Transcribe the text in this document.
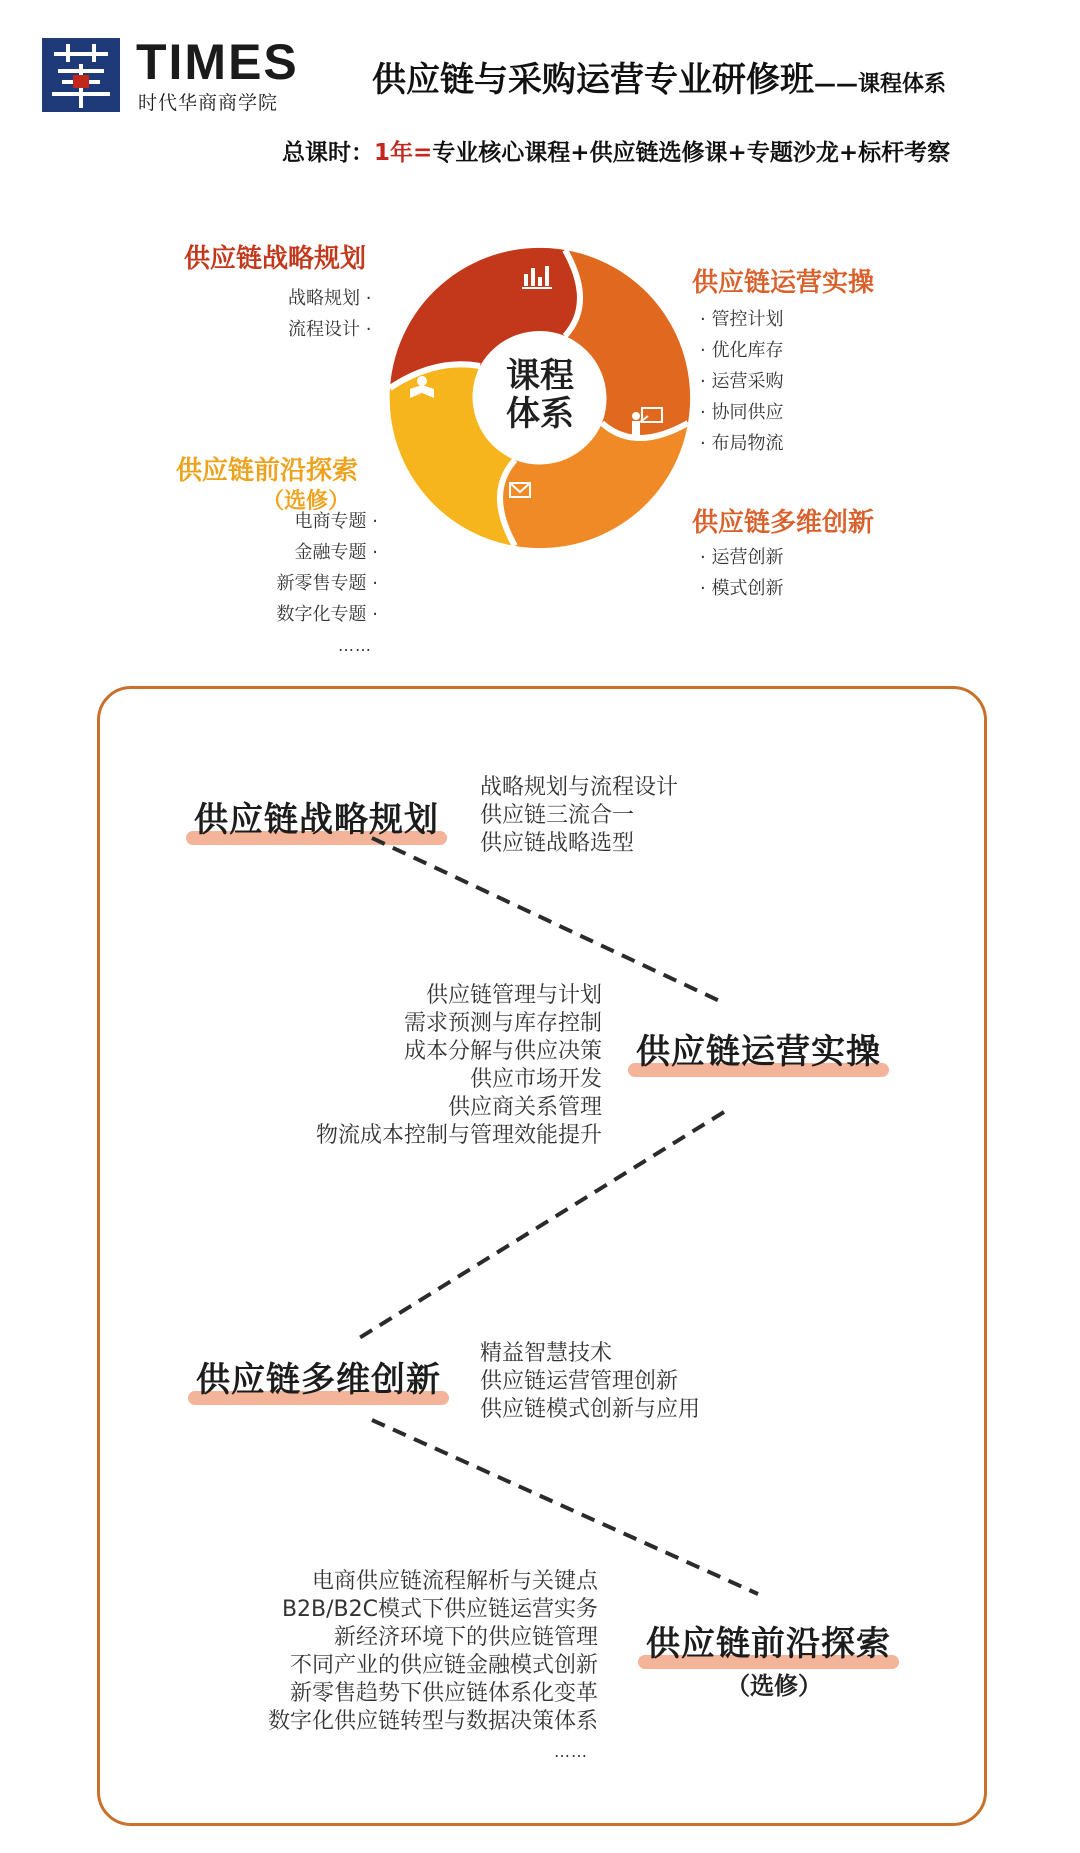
TIMES
时代华商商学院
供应链与采购运营专业研修班——课程体系
总课时：1年=专业核心课程+供应链选修课+专题沙龙+标杆考察
课程
体系
供应链战略规划
战略规划 ·
流程设计 ·
供应链运营实操
· 管控计划
· 优化库存
· 运营采购
· 协同供应
· 布局物流
供应链多维创新
· 运营创新
· 模式创新
供应链前沿探索
（选修）
电商专题 ·
金融专题 ·
新零售专题 ·
数字化专题 ·
……
供应链战略规划
战略规划与流程设计
供应链三流合一
供应链战略选型
供应链运营实操
供应链管理与计划
需求预测与库存控制
成本分解与供应决策
供应市场开发
供应商关系管理
物流成本控制与管理效能提升
供应链多维创新
精益智慧技术
供应链运营管理创新
供应链模式创新与应用
供应链前沿探索
（选修）
电商供应链流程解析与关键点
B2B/B2C模式下供应链运营实务
新经济环境下的供应链管理
不同产业的供应链金融模式创新
新零售趋势下供应链体系化变革
数字化供应链转型与数据决策体系
……
